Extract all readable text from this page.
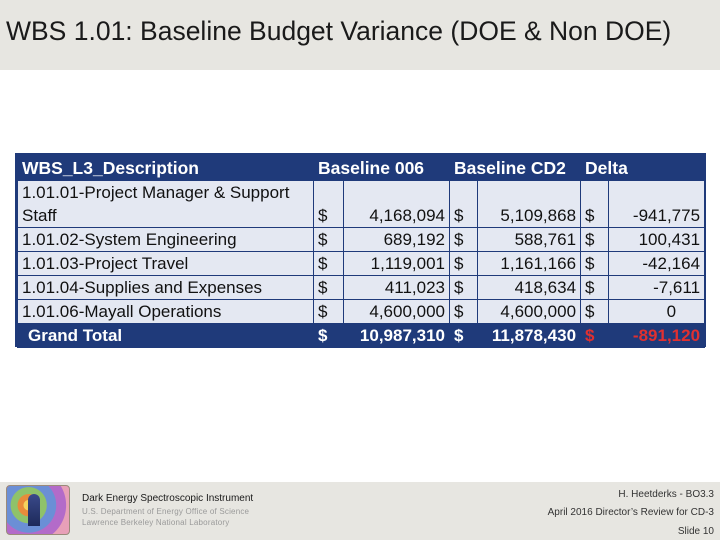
WBS 1.01: Baseline Budget Variance (DOE & Non DOE)
WBS_L3_Description	Baseline 006		Baseline CD2		Delta	
1.01.01-Project Manager & Support Staff	$	4,168,094	$	5,109,868	$	-941,775
1.01.02-System Engineering	$	689,192	$	588,761	$	100,431
1.01.03-Project Travel	$	1,119,001	$	1,161,166	$	-42,164
1.01.04-Supplies and Expenses	$	411,023	$	418,634	$	-7,611
1.01.06-Mayall Operations	$	4,600,000	$	4,600,000	$	0
Grand Total	$	10,987,310	$	11,878,430	$	-891,120
Dark Energy Spectroscopic Instrument
U.S. Department of Energy Office of Science
Lawrence Berkeley National Laboratory
H. Heetderks - BO3.3
April 2016 Director’s Review for CD-3
Slide 10
